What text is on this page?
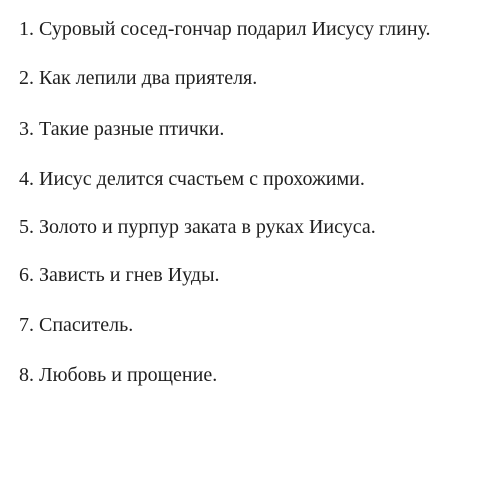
1. Суровый сосед-гончар подарил Иисусу глину.
2. Как лепили два приятеля.
3. Такие разные птички.
4. Иисус делится счастьем с прохожими.
5. Золото и пурпур заката в руках Иисуса.
6. Зависть и гнев Иуды.
7. Спаситель.
8. Любовь и прощение.
